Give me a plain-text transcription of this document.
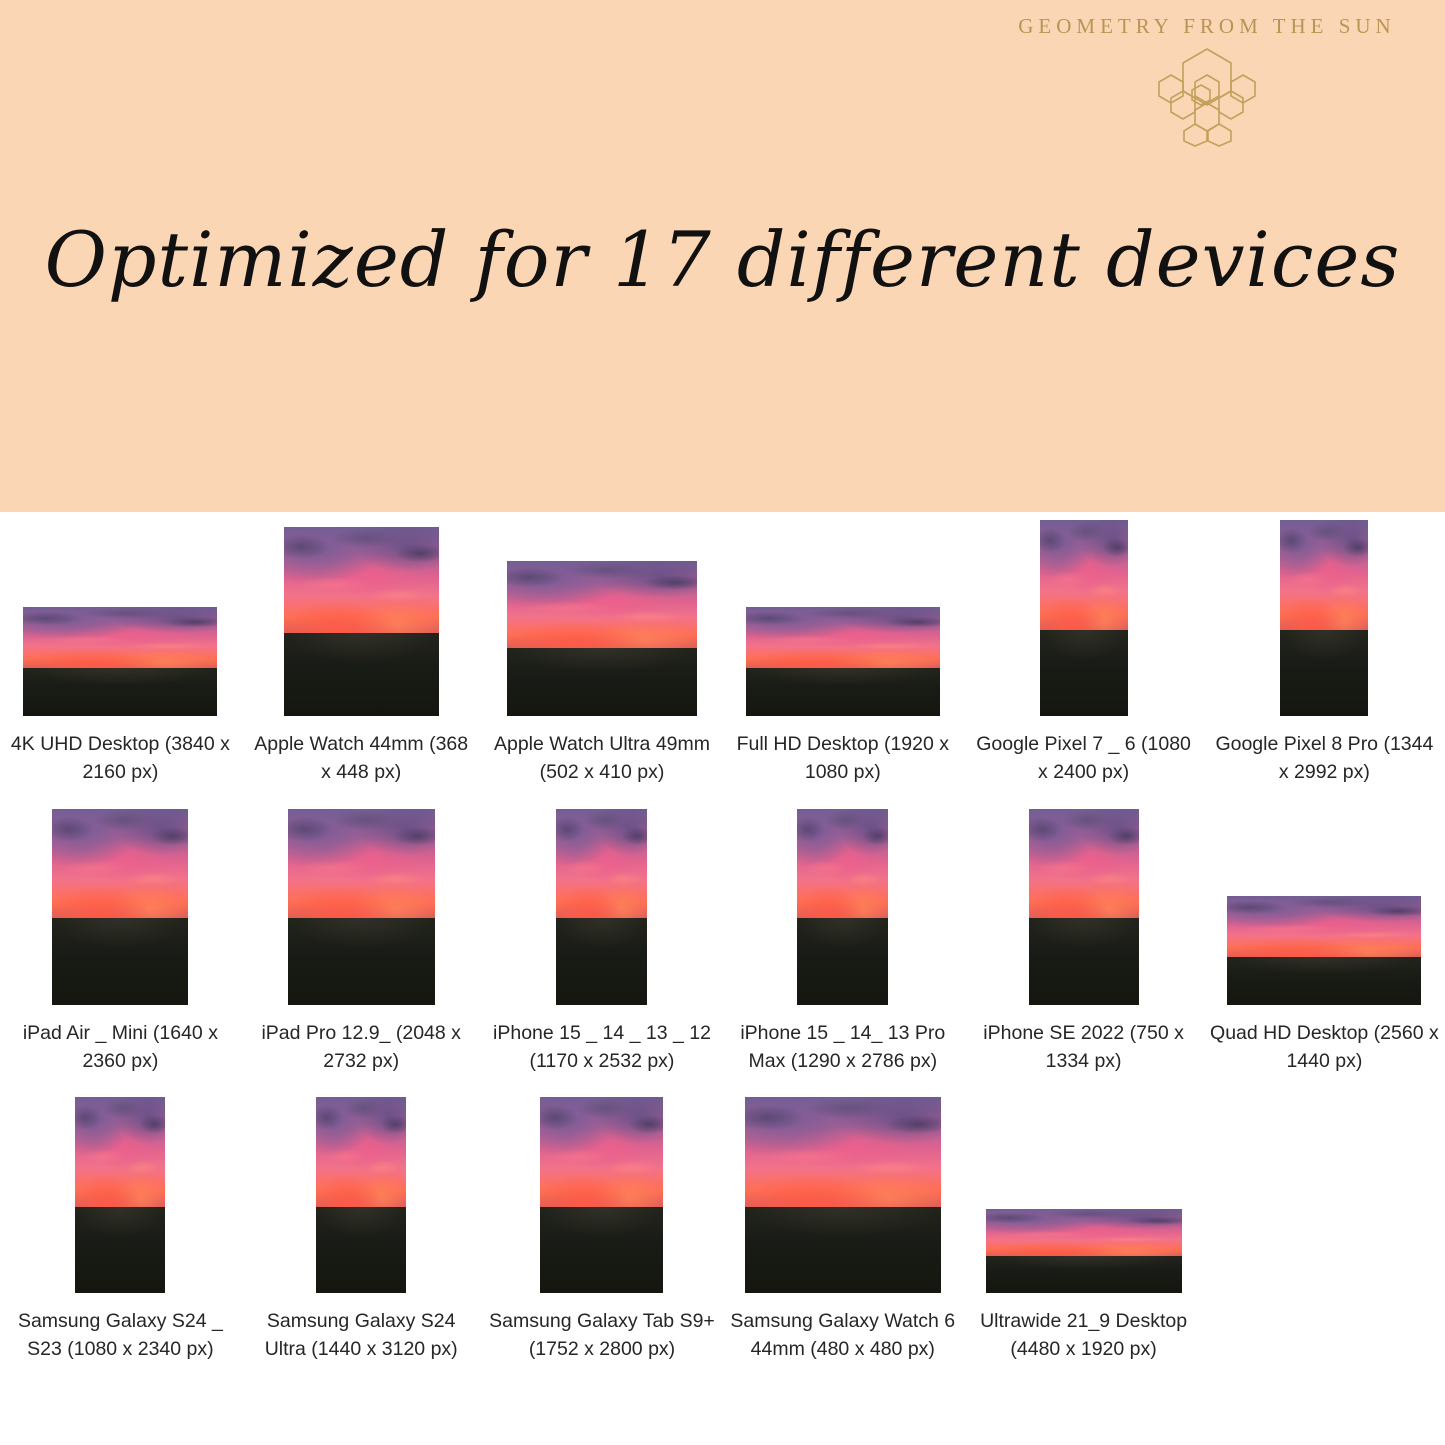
GEOMETRY FROM THE SUN
Optimized for 17 different devices
4K UHD Desktop (3840 x 2160 px)
Apple Watch 44mm (368 x 448 px)
Apple Watch Ultra 49mm (502 x 410 px)
Full HD Desktop (1920 x 1080 px)
Google Pixel 7 _ 6 (1080 x 2400 px)
Google Pixel 8 Pro (1344 x 2992 px)
iPad Air _ Mini (1640 x 2360 px)
iPad Pro 12.9_ (2048 x 2732 px)
iPhone 15 _ 14 _ 13 _ 12 (1170 x 2532 px)
iPhone 15 _ 14_ 13 Pro Max (1290 x 2786 px)
iPhone SE 2022 (750 x 1334 px)
Quad HD Desktop (2560 x 1440 px)
Samsung Galaxy S24 _ S23 (1080 x 2340 px)
Samsung Galaxy S24 Ultra (1440 x 3120 px)
Samsung Galaxy Tab S9+ (1752 x 2800 px)
Samsung Galaxy Watch 6 44mm (480 x 480 px)
Ultrawide 21_9 Desktop (4480 x 1920 px)
